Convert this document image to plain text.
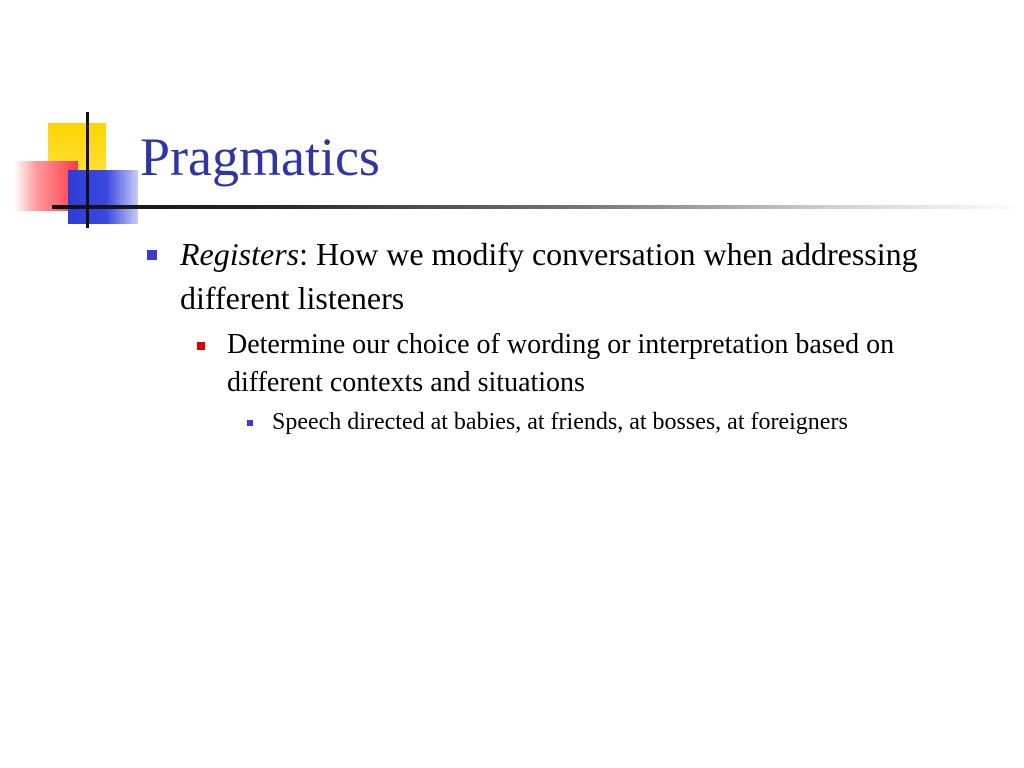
Pragmatics
Registers: How we modify conversation when addressing different listeners
Determine our choice of wording or interpretation based on different contexts and situations
Speech directed at babies, at friends, at bosses, at foreigners
